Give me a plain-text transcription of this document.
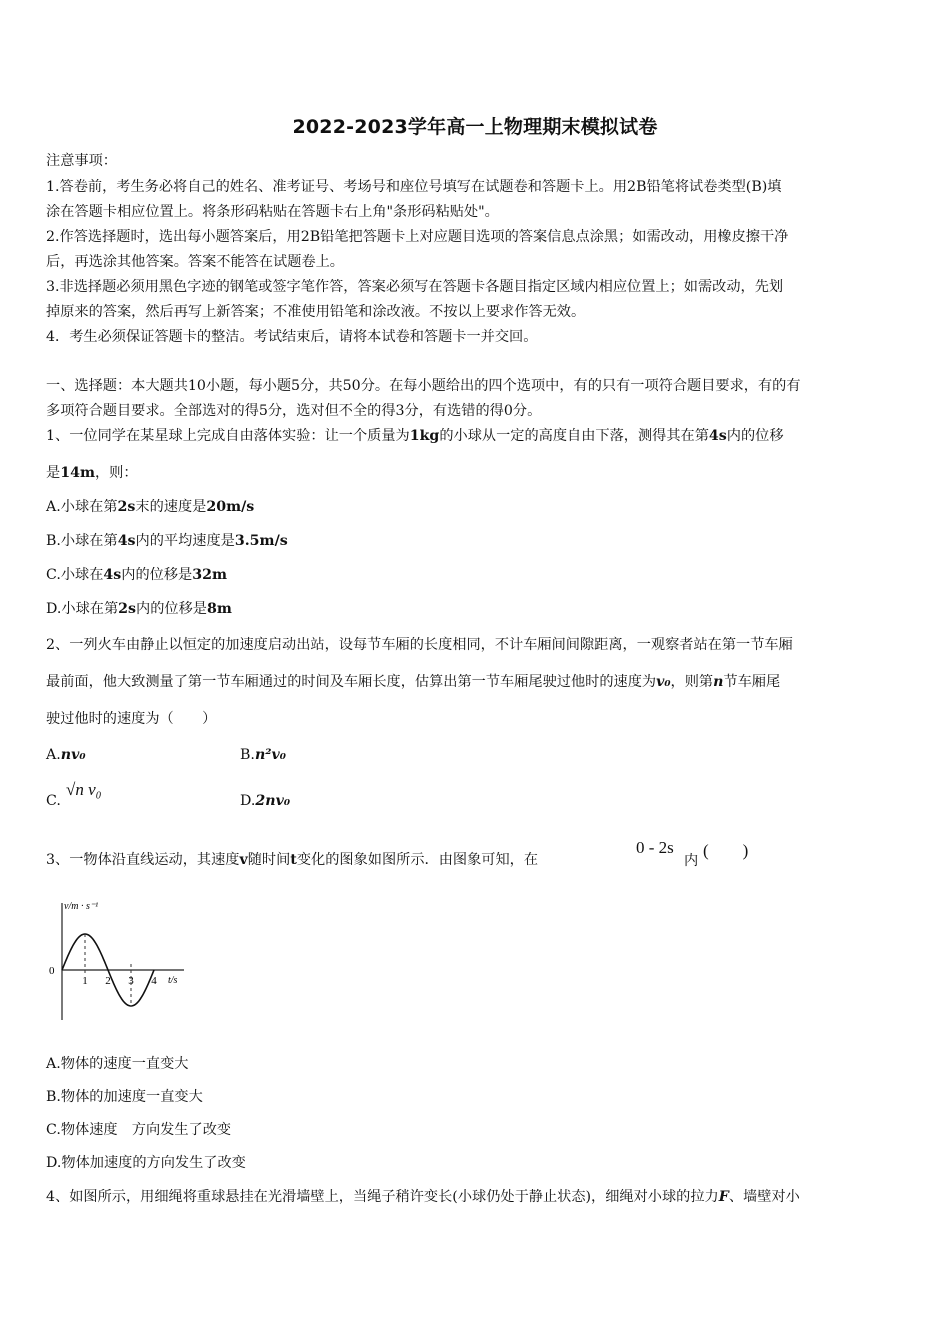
2022-2023学年高一上物理期末模拟试卷
注意事项：
1.答卷前，考生务必将自己的姓名、准考证号、考场号和座位号填写在试题卷和答题卡上。用2B铅笔将试卷类型(B)填
涂在答题卡相应位置上。将条形码粘贴在答题卡右上角"条形码粘贴处"。
2.作答选择题时，选出每小题答案后，用2B铅笔把答题卡上对应题目选项的答案信息点涂黑；如需改动，用橡皮擦干净
后，再选涂其他答案。答案不能答在试题卷上。
3.非选择题必须用黑色字迹的钢笔或签字笔作答，答案必须写在答题卡各题目指定区域内相应位置上；如需改动，先划
掉原来的答案，然后再写上新答案；不准使用铅笔和涂改液。不按以上要求作答无效。
4．考生必须保证答题卡的整洁。考试结束后，请将本试卷和答题卡一并交回。
一、选择题：本大题共10小题，每小题5分，共50分。在每小题给出的四个选项中，有的只有一项符合题目要求，有的有
多项符合题目要求。全部选对的得5分，选对但不全的得3分，有选错的得0分。
1、一位同学在某星球上完成自由落体实验：让一个质量为1kg的小球从一定的高度自由下落，测得其在第4s内的位移
是14m，则：
A.小球在第2s末的速度是20m/s
B.小球在第4s内的平均速度是3.5m/s
C.小球在4s内的位移是32m
D.小球在第2s内的位移是8m
2、一列火车由静止以恒定的加速度启动出站，设每节车厢的长度相同，不计车厢间间隙距离，一观察者站在第一节车厢
最前面，他大致测量了第一节车厢通过的时间及车厢长度，估算出第一节车厢尾驶过他时的速度为v₀，则第n节车厢尾
驶过他时的速度为（　　）
A.nv₀	B.n²v₀
C.
√n v₀
D.2nv₀
3、一物体沿直线运动，其速度v随时间t变化的图象如图所示．由图象可知，在
0 - 2s
内
(　　)
v/m · s⁻¹
t/s
0
1 2 3 4
A.物体的速度一直变大
B.物体的加速度一直变大
C.物体速度　方向发生了改变
D.物体加速度的方向发生了改变
4、如图所示，用细绳将重球悬挂在光滑墙壁上，当绳子稍许变长(小球仍处于静止状态)，细绳对小球的拉力F、墙壁对小
